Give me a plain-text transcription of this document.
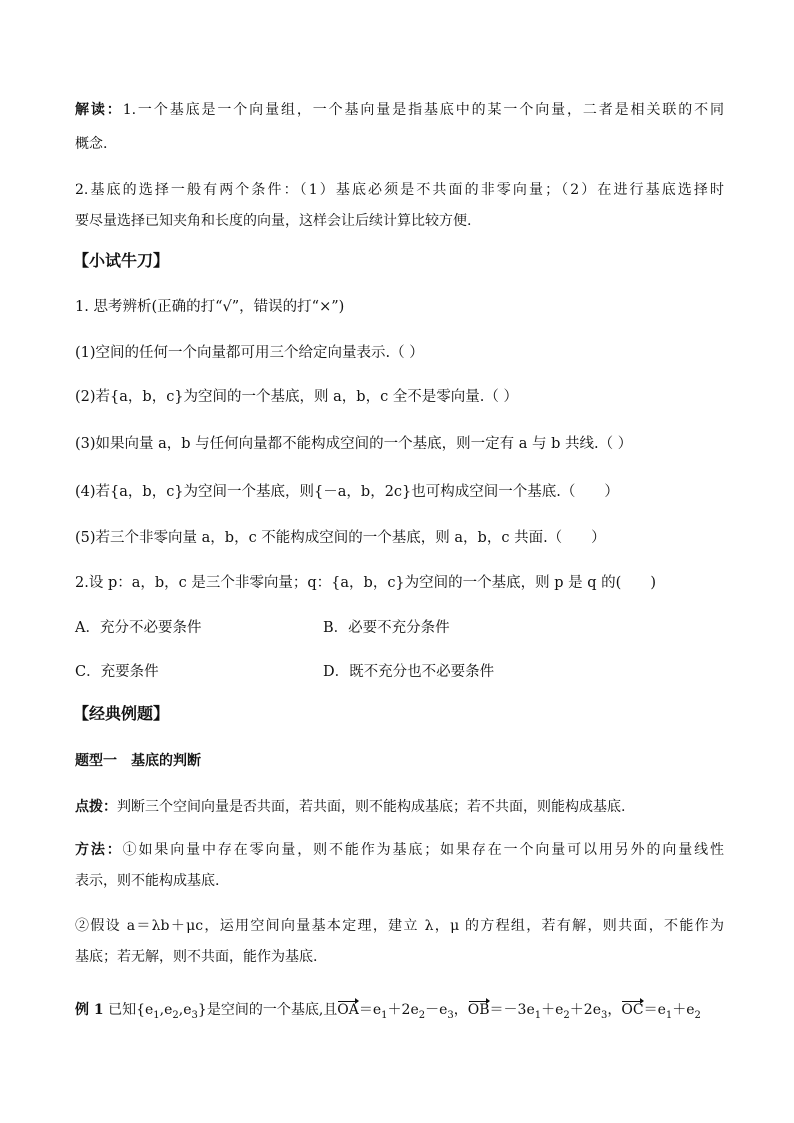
解读：1.一个基底是一个向量组，一个基向量是指基底中的某一个向量，二者是相关联的不同
概念.
2.基底的选择一般有两个条件：（1）基底必须是不共面的非零向量；（2）在进行基底选择时
要尽量选择已知夹角和长度的向量，这样会让后续计算比较方便.
【小试牛刀】
1. 思考辨析(正确的打“√”，错误的打“×”)
(1)空间的任何一个向量都可用三个给定向量表示.（ ）
(2)若{a，b，c}为空间的一个基底，则 a，b，c 全不是零向量.（ ）
(3)如果向量 a，b 与任何向量都不能构成空间的一个基底，则一定有 a 与 b 共线.（ ）
(4)若{a，b，c}为空间一个基底，则{－a，b，2c}也可构成空间一个基底.（　　）
(5)若三个非零向量 a，b，c 不能构成空间的一个基底，则 a，b，c 共面.（　　）
2.设 p：a，b，c 是三个非零向量；q：{a，b，c}为空间的一个基底，则 p 是 q 的(　　)
A．充分不必要条件	B．必要不充分条件
C．充要条件	D．既不充分也不必要条件
【经典例题】
题型一　基底的判断
点拨：判断三个空间向量是否共面，若共面，则不能构成基底；若不共面，则能构成基底.
方法：①如果向量中存在零向量，则不能作为基底；如果存在一个向量可以用另外的向量线性
表示，则不能构成基底.
②假设 a＝λb＋μc，运用空间向量基本定理，建立 λ，μ 的方程组，若有解，则共面，不能作为
基底；若无解，则不共面，能作为基底.
例 1 已知$\{e_1,e_2,e_3\}$是空间的一个基底,且$OA=e_1+2e_2-e_3$，$OB=-3e_1+e_2+2e_3$，$OC=e_1+e_2$
